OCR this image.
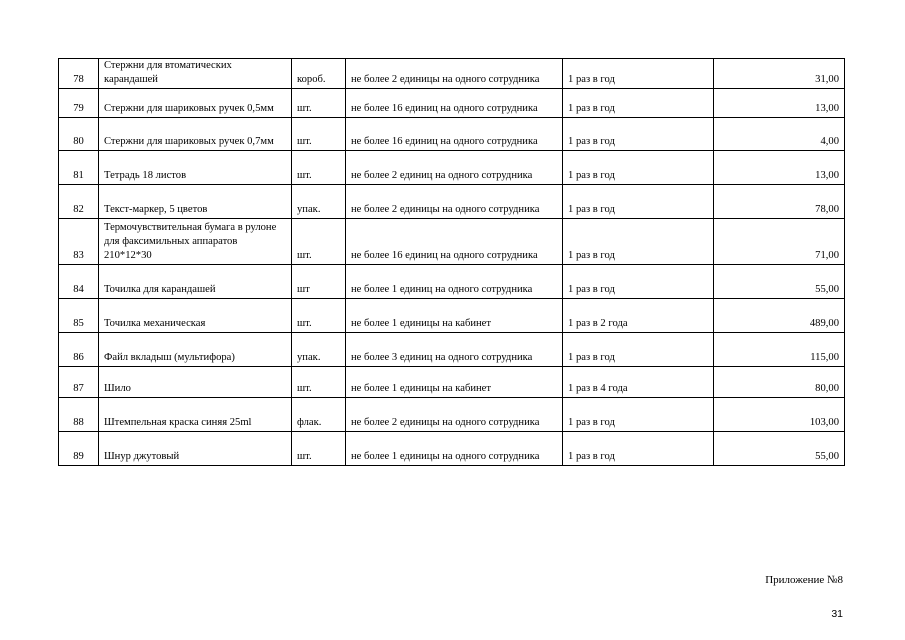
78	Стержни для втоматических карандашей	короб.	не более 2 единицы на одного сотрудника	1 раз в год	31,00
79	Стержни для шариковых ручек 0,5мм	шт.	не более 16 единиц на одного сотрудника	1 раз в год	13,00
80	Стержни для шариковых ручек 0,7мм	шт.	не более 16 единиц на одного сотрудника	1 раз в год	4,00
81	Тетрадь 18 листов	шт.	не более 2 единиц на одного сотрудника	1 раз в год	13,00
82	Текст-маркер, 5 цветов	упак.	не более 2 единицы на одного сотрудника	1 раз в год	78,00
83	Термочувствительная бумага в рулоне для факсимильных аппаратов 210*12*30	шт.	не более 16 единиц на одного сотрудника	1 раз в год	71,00
84	Точилка для карандашей	шт	не более 1 единиц на одного сотрудника	1 раз в год	55,00
85	Точилка механическая	шт.	не более 1 единицы на кабинет	1 раз в 2 года	489,00
86	Файл вкладыш (мультифора)	упак.	не более 3 единиц на одного сотрудника	1 раз в год	115,00
87	Шило	шт.	не более 1 единицы на кабинет	1 раз в 4 года	80,00
88	Штемпельная краска синяя 25ml	флак.	не более 2 единицы на одного сотрудника	1 раз в год	103,00
89	Шнур джутовый	шт.	не более 1 единицы на одного сотрудника	1 раз в год	55,00
Приложение №8
31
